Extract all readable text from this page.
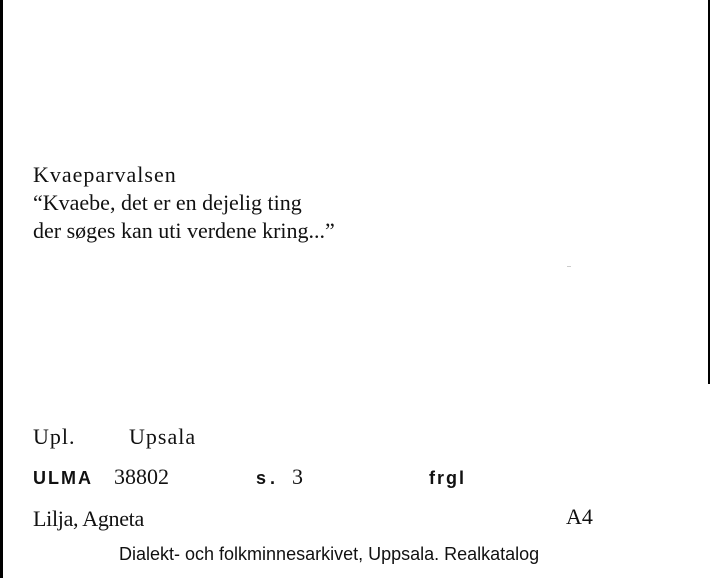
Kvaeparvalsen
“Kvaebe, det er en dejelig ting
der søges kan uti verdene kring...”
Upl. Upsala
ULMA 38802	s. 3	frgl
Lilja, Agneta	A4
Dialekt- och folkminnesarkivet, Uppsala. Realkatalog
